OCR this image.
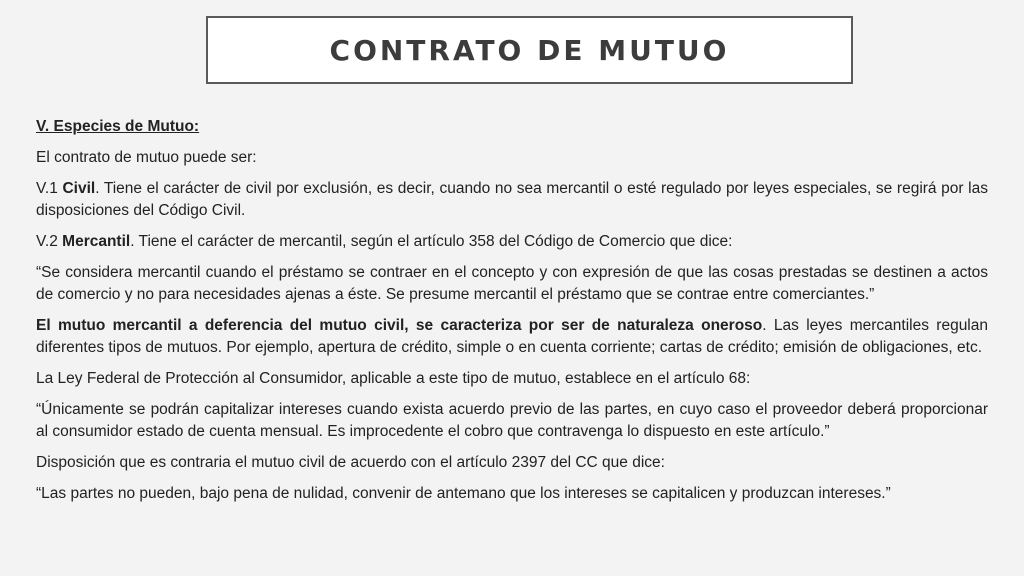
CONTRATO DE MUTUO

V. Especies de Mutuo:

El contrato de mutuo puede ser:

V.1 Civil. Tiene el carácter de civil por exclusión, es decir, cuando no sea mercantil o esté regulado por leyes especiales, se regirá por las disposiciones del Código Civil.

V.2 Mercantil. Tiene el carácter de mercantil, según el artículo 358 del Código de Comercio que dice:

“Se considera mercantil cuando el préstamo se contraer en el concepto y con expresión de que las cosas prestadas se destinen a actos de comercio y no para necesidades ajenas a éste. Se presume mercantil el préstamo que se contrae entre comerciantes.”

El mutuo mercantil a deferencia del mutuo civil, se caracteriza por ser de naturaleza oneroso. Las leyes mercantiles regulan diferentes tipos de mutuos. Por ejemplo, apertura de crédito, simple o en cuenta corriente; cartas de crédito; emisión de obligaciones, etc.

La Ley Federal de Protección al Consumidor, aplicable a este tipo de mutuo, establece en el artículo 68:

“Únicamente se podrán capitalizar intereses cuando exista acuerdo previo de las partes, en cuyo caso el proveedor deberá proporcionar al consumidor estado de cuenta mensual. Es improcedente el cobro que contravenga lo dispuesto en este artículo.”

Disposición que es contraria el mutuo civil de acuerdo con el artículo 2397 del CC que dice:

“Las partes no pueden, bajo pena de nulidad, convenir de antemano que los intereses se capitalicen y produzcan intereses.”
